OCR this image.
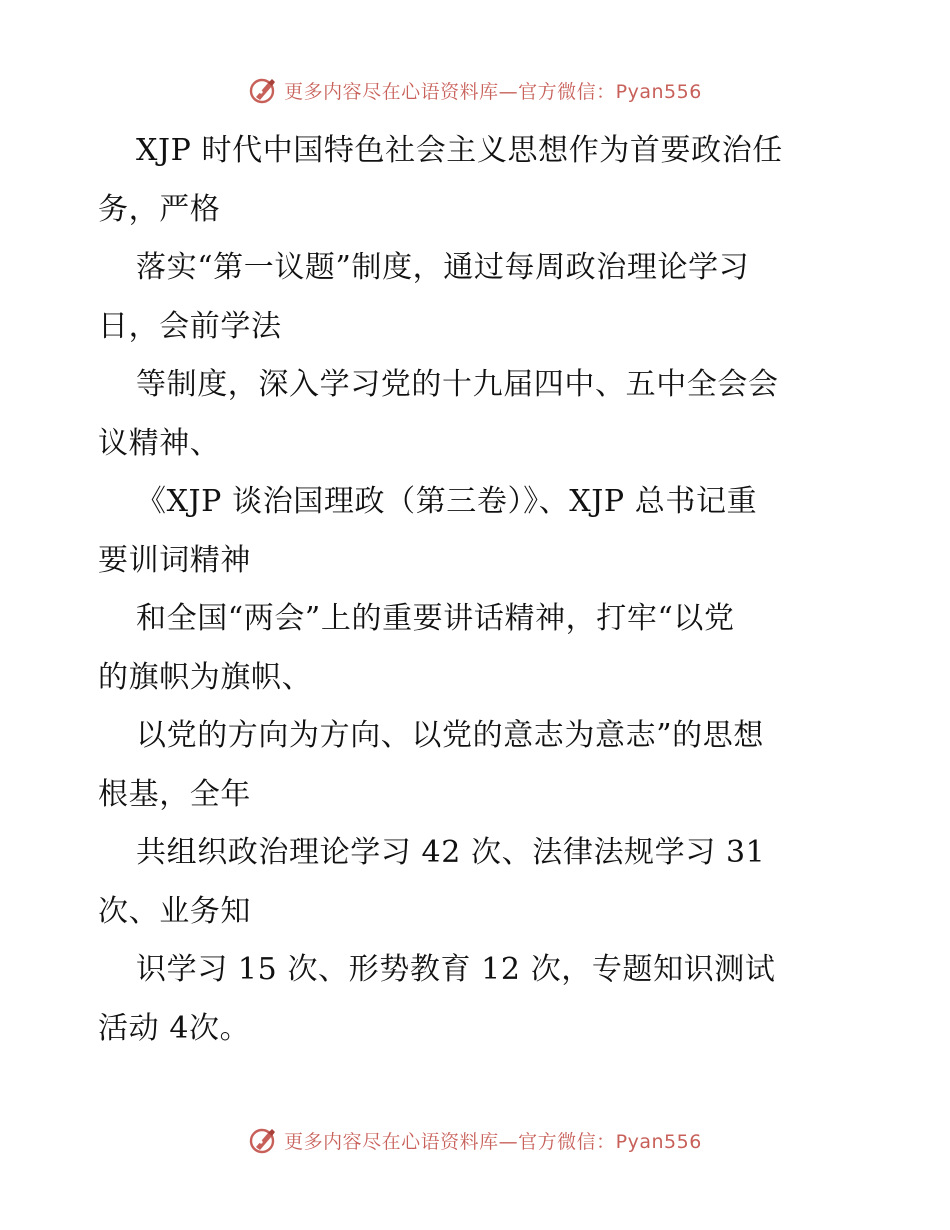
更多内容尽在心语资料库—官方微信：Pyan556
XJP 时代中国特色社会主义思想作为首要政治任
务，严格
落实“第一议题”制度，通过每周政治理论学习
日，会前学法
等制度，深入学习党的十九届四中、五中全会会
议精神、
《XJP 谈治国理政（第三卷）》、XJP 总书记重
要训词精神
和全国“两会”上的重要讲话精神，打牢“以党
的旗帜为旗帜、
以党的方向为方向、以党的意志为意志”的思想
根基，全年
共组织政治理论学习 42 次、法律法规学习 31
次、业务知
识学习 15 次、形势教育 12 次，专题知识测试
活动 4次。
更多内容尽在心语资料库—官方微信：Pyan556
